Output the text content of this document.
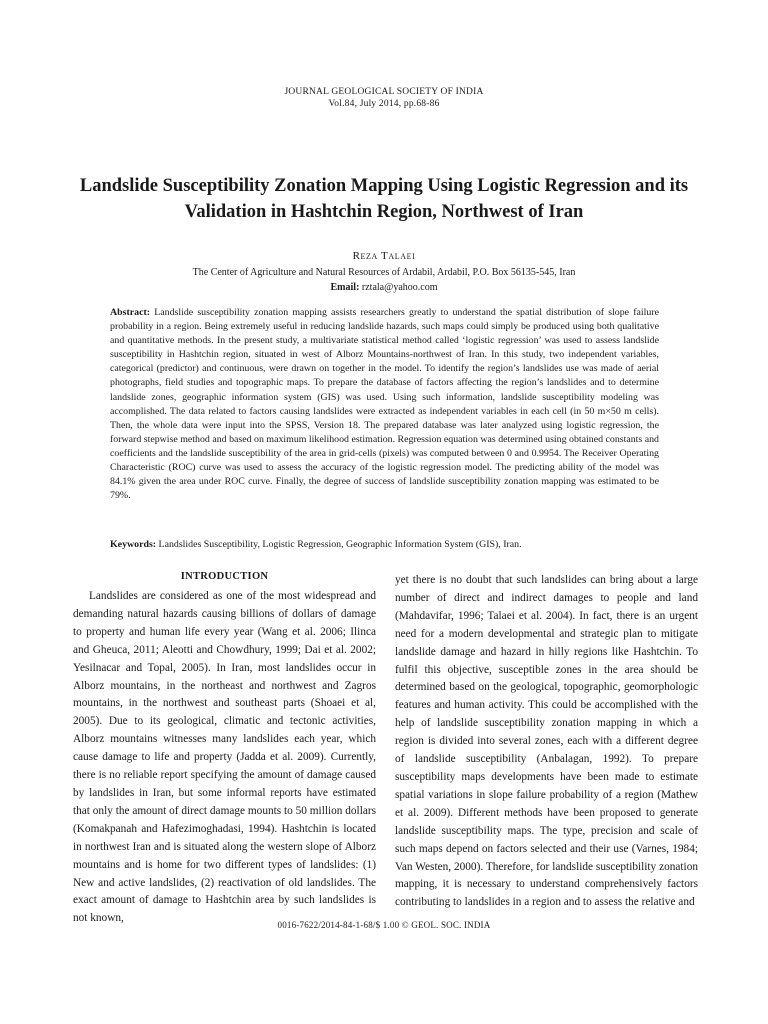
JOURNAL GEOLOGICAL SOCIETY OF INDIA
Vol.84, July 2014, pp.68-86
Landslide Susceptibility Zonation Mapping Using Logistic Regression and its Validation in Hashtchin Region, Northwest of Iran
Reza Talaei
The Center of Agriculture and Natural Resources of Ardabil, Ardabil, P.O. Box 56135-545, Iran
Email: rztala@yahoo.com
Abstract: Landslide susceptibility zonation mapping assists researchers greatly to understand the spatial distribution of slope failure probability in a region. Being extremely useful in reducing landslide hazards, such maps could simply be produced using both qualitative and quantitative methods. In the present study, a multivariate statistical method called ‘logistic regression’ was used to assess landslide susceptibility in Hashtchin region, situated in west of Alborz Mountains-northwest of Iran. In this study, two independent variables, categorical (predictor) and continuous, were drawn on together in the model. To identify the region’s landslides use was made of aerial photographs, field studies and topographic maps. To prepare the database of factors affecting the region’s landslides and to determine landslide zones, geographic information system (GIS) was used. Using such information, landslide susceptibility modeling was accomplished. The data related to factors causing landslides were extracted as independent variables in each cell (in 50 m×50 m cells). Then, the whole data were input into the SPSS, Version 18. The prepared database was later analyzed using logistic regression, the forward stepwise method and based on maximum likelihood estimation. Regression equation was determined using obtained constants and coefficients and the landslide susceptibility of the area in grid-cells (pixels) was computed between 0 and 0.9954. The Receiver Operating Characteristic (ROC) curve was used to assess the accuracy of the logistic regression model. The predicting ability of the model was 84.1% given the area under ROC curve. Finally, the degree of success of landslide susceptibility zonation mapping was estimated to be 79%.
Keywords: Landslides Susceptibility, Logistic Regression, Geographic Information System (GIS), Iran.
INTRODUCTION

Landslides are considered as one of the most widespread and demanding natural hazards causing billions of dollars of damage to property and human life every year (Wang et al. 2006; Ilinca and Gheuca, 2011; Aleotti and Chowdhury, 1999; Dai et al. 2002; Yesilnacar and Topal, 2005). In Iran, most landslides occur in Alborz mountains, in the northeast and northwest and Zagros mountains, in the northwest and southeast parts (Shoaei et al, 2005). Due to its geological, climatic and tectonic activities, Alborz mountains witnesses many landslides each year, which cause damage to life and property (Jadda et al. 2009). Currently, there is no reliable report specifying the amount of damage caused by landslides in Iran, but some informal reports have estimated that only the amount of direct damage mounts to 50 million dollars (Komakpanah and Hafezimoghadasi, 1994). Hashtchin is located in northwest Iran and is situated along the western slope of Alborz mountains and is home for two different types of landslides: (1) New and active landslides, (2) reactivation of old landslides. The exact amount of damage to Hashtchin area by such landslides is not known,

yet there is no doubt that such landslides can bring about a large number of direct and indirect damages to people and land (Mahdavifar, 1996; Talaei et al. 2004). In fact, there is an urgent need for a modern developmental and strategic plan to mitigate landslide damage and hazard in hilly regions like Hashtchin. To fulfil this objective, susceptible zones in the area should be determined based on the geological, topographic, geomorphologic features and human activity. This could be accomplished with the help of landslide susceptibility zonation mapping in which a region is divided into several zones, each with a different degree of landslide susceptibility (Anbalagan, 1992). To prepare susceptibility maps developments have been made to estimate spatial variations in slope failure probability of a region (Mathew et al. 2009). Different methods have been proposed to generate landslide susceptibility maps. The type, precision and scale of such maps depend on factors selected and their use (Varnes, 1984; Van Westen, 2000). Therefore, for landslide susceptibility zonation mapping, it is necessary to understand comprehensively factors contributing to landslides in a region and to assess the relative and

0016-7622/2014-84-1-68/$ 1.00 © GEOL. SOC. INDIA
